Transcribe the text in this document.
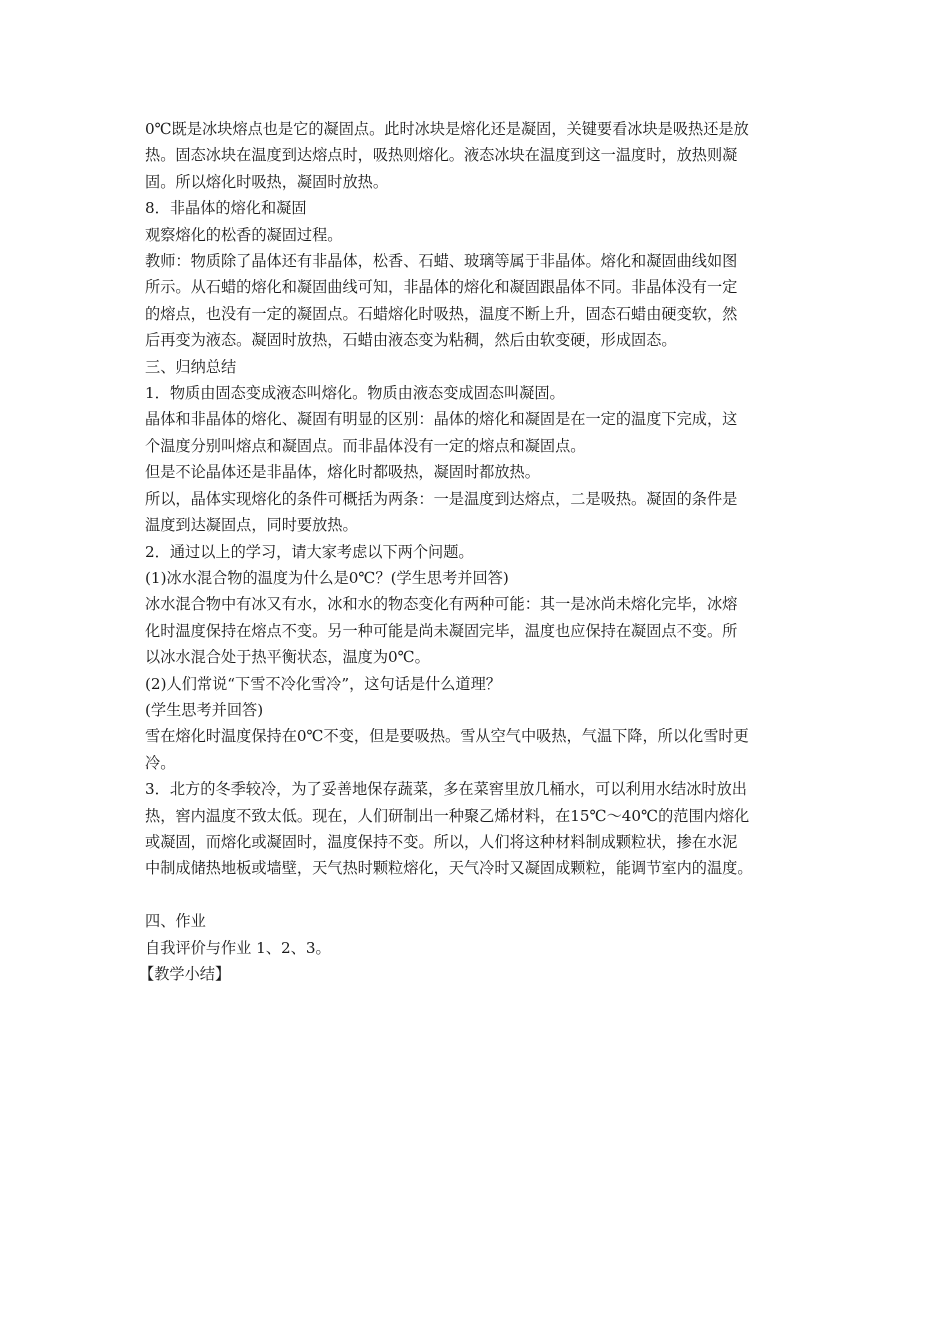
0℃既是冰块熔点也是它的凝固点。此时冰块是熔化还是凝固，关键要看冰块是吸热还是放
热。固态冰块在温度到达熔点时，吸热则熔化。液态冰块在温度到这一温度时，放热则凝
固。所以熔化时吸热，凝固时放热。
8．非晶体的熔化和凝固
观察熔化的松香的凝固过程。
教师：物质除了晶体还有非晶体，松香、石蜡、玻璃等属于非晶体。熔化和凝固曲线如图
所示。从石蜡的熔化和凝固曲线可知，非晶体的熔化和凝固跟晶体不同。非晶体没有一定
的熔点，也没有一定的凝固点。石蜡熔化时吸热，温度不断上升，固态石蜡由硬变软，然
后再变为液态。凝固时放热，石蜡由液态变为粘稠，然后由软变硬，形成固态。
三、归纳总结
1．物质由固态变成液态叫熔化。物质由液态变成固态叫凝固。
晶体和非晶体的熔化、凝固有明显的区别：晶体的熔化和凝固是在一定的温度下完成，这
个温度分别叫熔点和凝固点。而非晶体没有一定的熔点和凝固点。
但是不论晶体还是非晶体，熔化时都吸热，凝固时都放热。
所以，晶体实现熔化的条件可概括为两条：一是温度到达熔点，二是吸热。凝固的条件是
温度到达凝固点，同时要放热。
2．通过以上的学习，请大家考虑以下两个问题。
(1)冰水混合物的温度为什么是0℃？(学生思考并回答)
冰水混合物中有冰又有水，冰和水的物态变化有两种可能：其一是冰尚未熔化完毕，冰熔
化时温度保持在熔点不变。另一种可能是尚未凝固完毕，温度也应保持在凝固点不变。所
以冰水混合处于热平衡状态，温度为0℃。
(2)人们常说“下雪不冷化雪冷”，这句话是什么道理？
(学生思考并回答)
雪在熔化时温度保持在0℃不变，但是要吸热。雪从空气中吸热，气温下降，所以化雪时更
冷。
3．北方的冬季较冷，为了妥善地保存蔬菜，多在菜窖里放几桶水，可以利用水结冰时放出
热，窖内温度不致太低。现在，人们研制出一种聚乙烯材料，在15℃～40℃的范围内熔化
或凝固，而熔化或凝固时，温度保持不变。所以，人们将这种材料制成颗粒状，掺在水泥
中制成储热地板或墙壁，天气热时颗粒熔化，天气冷时又凝固成颗粒，能调节室内的温度。
四、作业
自我评价与作业 1、2、3。
【教学小结】
